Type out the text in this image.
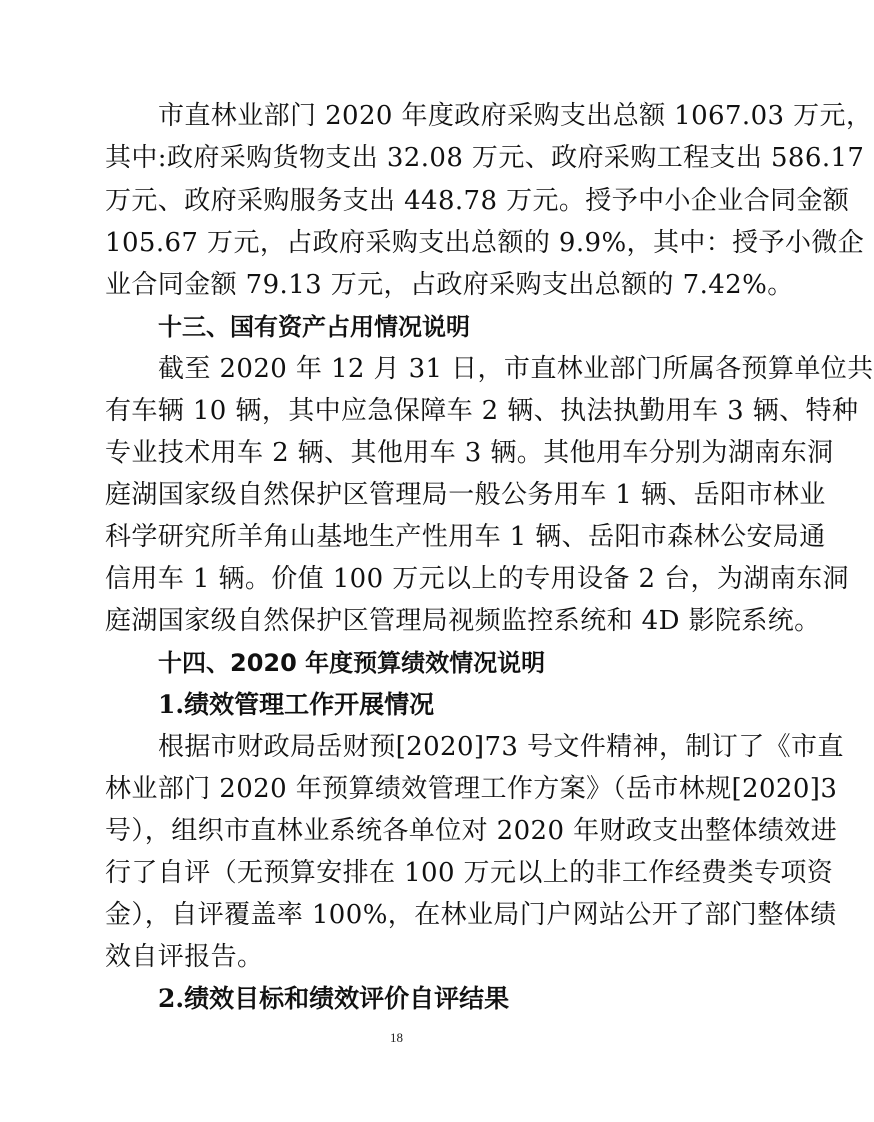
市直林业部门 2020 年度政府采购支出总额 1067.03 万元，
其中:政府采购货物支出 32.08 万元、政府采购工程支出 586.17
万元、政府采购服务支出 448.78 万元。授予中小企业合同金额
105.67 万元，占政府采购支出总额的 9.9%，其中：授予小微企
业合同金额 79.13 万元，占政府采购支出总额的 7.42%。
十三、国有资产占用情况说明
截至 2020 年 12 月 31 日，市直林业部门所属各预算单位共
有车辆 10 辆，其中应急保障车 2 辆、执法执勤用车 3 辆、特种
专业技术用车 2 辆、其他用车 3 辆。其他用车分别为湖南东洞
庭湖国家级自然保护区管理局一般公务用车 1 辆、岳阳市林业
科学研究所羊角山基地生产性用车 1 辆、岳阳市森林公安局通
信用车 1 辆。价值 100 万元以上的专用设备 2 台，为湖南东洞
庭湖国家级自然保护区管理局视频监控系统和 4D 影院系统。
十四、2020 年度预算绩效情况说明
1.绩效管理工作开展情况
根据市财政局岳财预[2020]73 号文件精神，制订了《市直
林业部门 2020 年预算绩效管理工作方案》（岳市林规[2020]3
号），组织市直林业系统各单位对 2020 年财政支出整体绩效进
行了自评（无预算安排在 100 万元以上的非工作经费类专项资
金），自评覆盖率 100%，在林业局门户网站公开了部门整体绩
效自评报告。
2.绩效目标和绩效评价自评结果
18
